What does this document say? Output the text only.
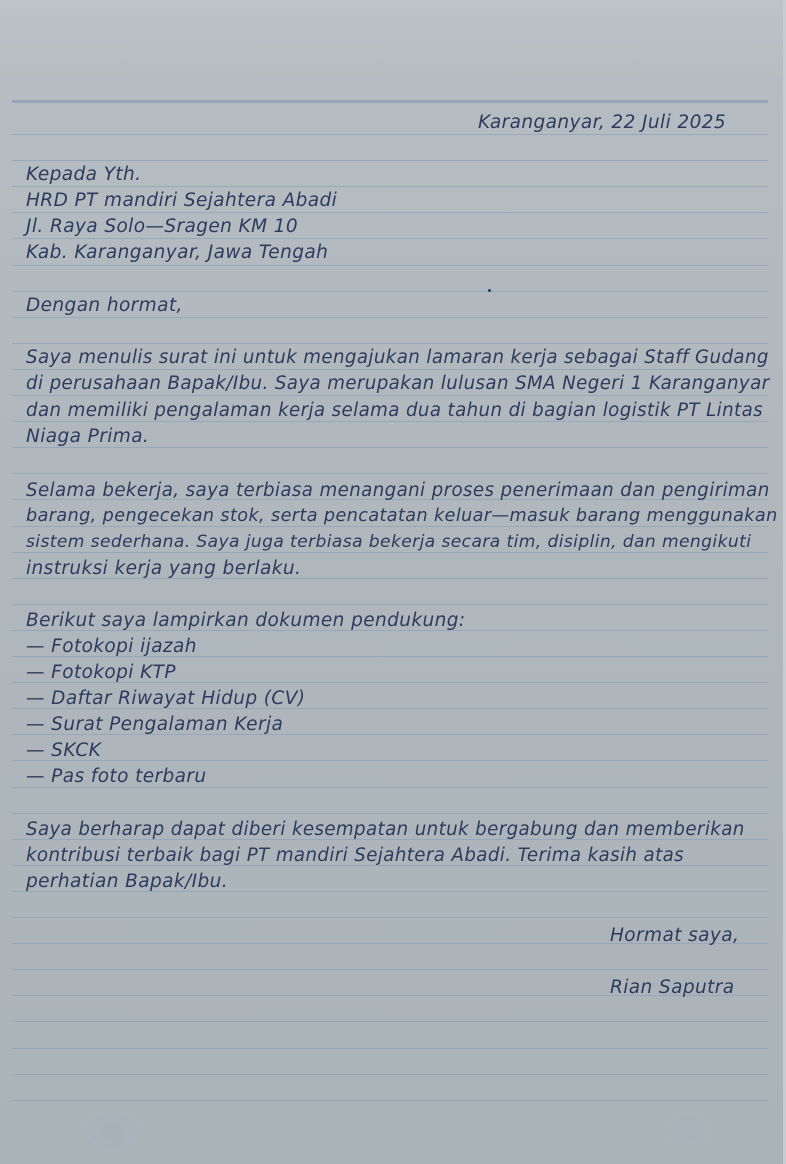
Karanganyar, 22 Juli 2025
Kepada Yth.
HRD PT mandiri Sejahtera Abadi
Jl. Raya Solo—Sragen KM 10
Kab. Karanganyar, Jawa Tengah
Dengan hormat,
Saya menulis surat ini untuk mengajukan lamaran kerja sebagai Staff Gudang
di perusahaan Bapak/Ibu. Saya merupakan lulusan SMA Negeri 1 Karanganyar
dan memiliki pengalaman kerja selama dua tahun di bagian logistik PT Lintas
Niaga Prima.
Selama bekerja, saya terbiasa menangani proses penerimaan dan pengiriman
barang, pengecekan stok, serta pencatatan keluar—masuk barang menggunakan
sistem sederhana. Saya juga terbiasa bekerja secara tim, disiplin, dan mengikuti
instruksi kerja yang berlaku.
Berikut saya lampirkan dokumen pendukung:
— Fotokopi ijazah
— Fotokopi KTP
— Daftar Riwayat Hidup (CV)
— Surat Pengalaman Kerja
— SKCK
— Pas foto terbaru
Saya berharap dapat diberi kesempatan untuk bergabung dan memberikan
kontribusi terbaik bagi PT mandiri Sejahtera Abadi. Terima kasih atas
perhatian Bapak/Ibu.
Hormat saya,
Rian Saputra
